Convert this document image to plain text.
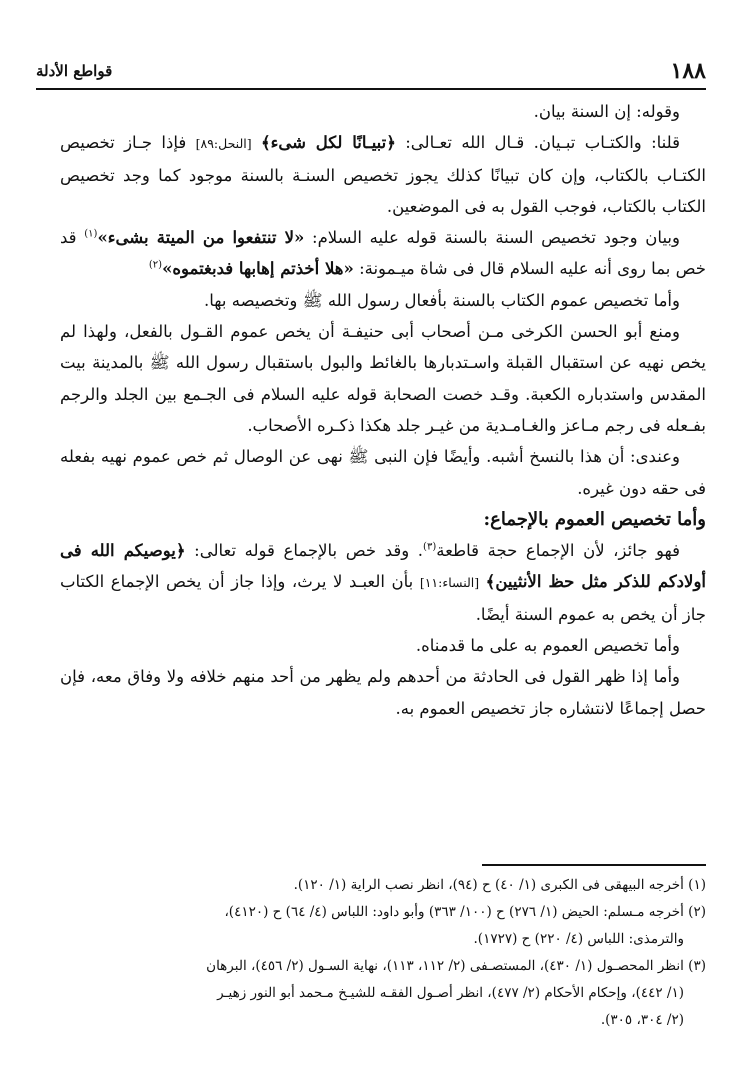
١٨٨
قواطع الأدلة

وقوله: إن السنة بيان.

قلنا: والكتـاب تبـيان. قـال الله تعـالى: ﴿تبيـانًا لكل شىء﴾ [النحل:٨٩] فإذا جـاز تخصيص الكتـاب بالكتاب، وإن كان تبيانًا كذلك يجوز تخصيص السنـة بالسنة موجود كما وجد تخصيص الكتاب بالكتاب، فوجب القول به فى الموضعين.

وبيان وجود تخصيص السنة بالسنة قوله عليه السلام: «لا تنتفعوا من الميتة بشىء»$^{(١)}$ قد خص بما روى أنه عليه السلام قال فى شاة ميـمونة: «هلا أخذتم إهابها فدبغتموه»$^{(٢)}$

وأما تخصيص عموم الكتاب بالسنة بأفعال رسول الله ﷺ وتخصيصه بها.

ومنع أبو الحسن الكرخى مـن أصحاب أبى حنيفـة أن يخص عموم القـول بالفعل، ولهذا لم يخص نهيه عن استقبال القبلة واسـتدبارها بالغائط والبول باستقبال رسول الله ﷺ بالمدينة بيت المقدس واستدباره الكعبة. وقـد خصت الصحابة قوله عليه السلام فى الجـمع بين الجلد والرجم بفـعله فى رجم مـاعز والغـامـدية من غيـر جلد هكذا ذكـره الأصحاب.

وعندى: أن هذا بالنسخ أشبه. وأيضًا فإن النبى ﷺ نهى عن الوصال ثم خص عموم نهيه بفعله فى حقه دون غيره.

وأما تخصيص العموم بالإجماع:

فهو جائز، لأن الإجماع حجة قاطعة$^{(٣)}$. وقد خص بالإجماع قوله تعالى: ﴿يوصيكم الله فى أولادكم للذكر مثل حظ الأنثيين﴾ [النساء:١١] بأن العبـد لا يرث، وإذا جاز أن يخص الإجماع الكتاب جاز أن يخص به عموم السنة أيضًا.

وأما تخصيص العموم به على ما قدمناه.

وأما إذا ظهر القول فى الحادثة من أحدهم ولم يظهر من أحد منهم خلافه ولا وفاق معه، فإن حصل إجماعًا لانتشاره جاز تخصيص العموم به.

(١) أخرجه البيهقى فى الكبرى (١/ ٤٠) ح (٩٤)، انظر نصب الراية (١/ ١٢٠).

(٢) أخرجه مـسلم: الحيض (١/ ٢٧٦) ح (١٠٠/ ٣٦٣) وأبو داود: اللباس (٤/ ٦٤) ح (٤١٢٠)،

والترمذى: اللباس (٤/ ٢٢٠) ح (١٧٢٧).

(٣) انظر المحصـول (١/ ٤٣٠)، المستصـفى (٢/ ١١٢، ١١٣)، نهاية السـول (٢/ ٤٥٦)، البرهان

(١/ ٤٤٢)، وإحكام الأحكام (٢/ ٤٧٧)، انظر أصـول الفقـه للشيـخ مـحمد أبو النور زهيـر

(٢/ ٣٠٤، ٣٠٥).
